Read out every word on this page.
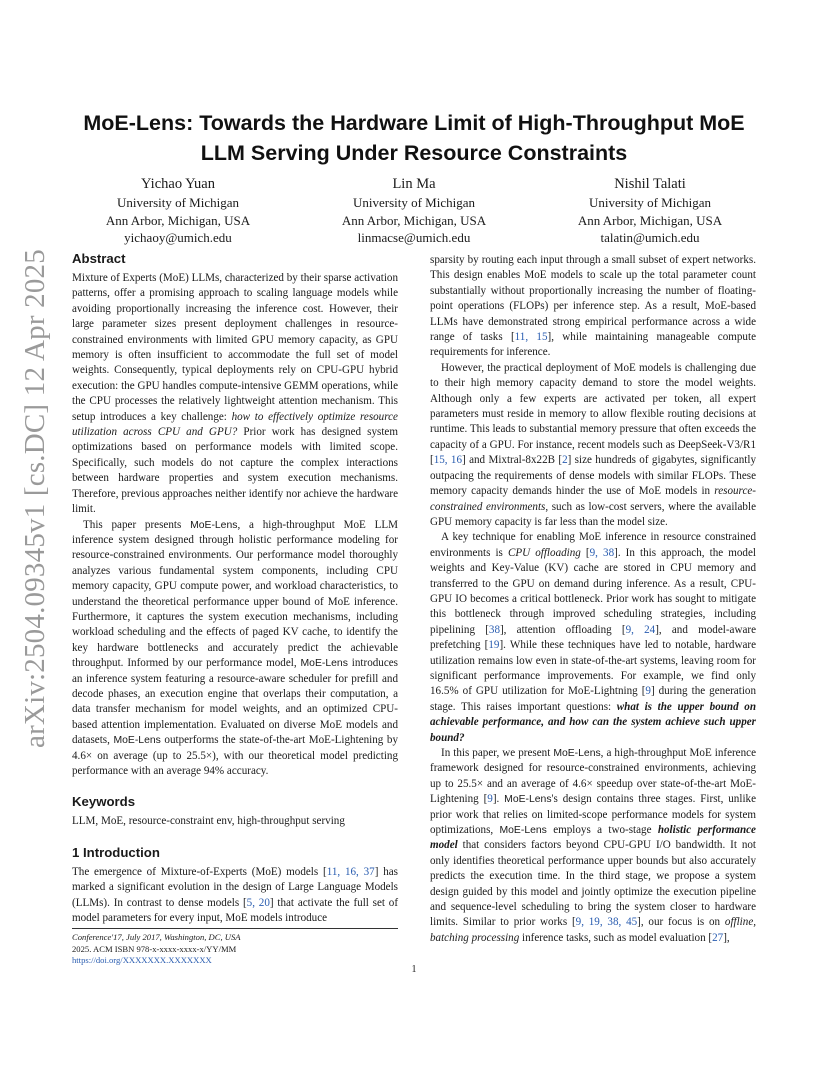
arXiv:2504.09345v1 [cs.DC] 12 Apr 2025
MoE-Lens: Towards the Hardware Limit of High-Throughput MoE LLM Serving Under Resource Constraints
Yichao Yuan
University of Michigan
Ann Arbor, Michigan, USA
yichaoy@umich.edu
Lin Ma
University of Michigan
Ann Arbor, Michigan, USA
linmacse@umich.edu
Nishil Talati
University of Michigan
Ann Arbor, Michigan, USA
talatin@umich.edu
Abstract

Mixture of Experts (MoE) LLMs, characterized by their sparse activation patterns, offer a promising approach to scaling language models while avoiding proportionally increasing the inference cost. However, their large parameter sizes present deployment challenges in resource-constrained environments with limited GPU memory capacity, as GPU memory is often insufficient to accommodate the full set of model weights. Consequently, typical deployments rely on CPU-GPU hybrid execution: the GPU handles compute-intensive GEMM operations, while the CPU processes the relatively lightweight attention mechanism. This setup introduces a key challenge: how to effectively optimize resource utilization across CPU and GPU? Prior work has designed system optimizations based on performance models with limited scope. Specifically, such models do not capture the complex interactions between hardware properties and system execution mechanisms. Therefore, previous approaches neither identify nor achieve the hardware limit.

This paper presents MoE-Lens, a high-throughput MoE LLM inference system designed through holistic performance modeling for resource-constrained environments. Our performance model thoroughly analyzes various fundamental system components, including CPU memory capacity, GPU compute power, and workload characteristics, to understand the theoretical performance upper bound of MoE inference. Furthermore, it captures the system execution mechanisms, including workload scheduling and the effects of paged KV cache, to identify the key hardware bottlenecks and accurately predict the achievable throughput. Informed by our performance model, MoE-Lens introduces an inference system featuring a resource-aware scheduler for prefill and decode phases, an execution engine that overlaps their computation, a data transfer mechanism for model weights, and an optimized CPU-based attention implementation. Evaluated on diverse MoE models and datasets, MoE-Lens outperforms the state-of-the-art MoE-Lightening by 4.6× on average (up to 25.5×), with our theoretical model predicting performance with an average 94% accuracy.

Keywords

LLM, MoE, resource-constraint env, high-throughput serving

1 Introduction

The emergence of Mixture-of-Experts (MoE) models [11, 16, 37] has marked a significant evolution in the design of Large Language Models (LLMs). In contrast to dense models [5, 20] that activate the full set of model parameters for every input, MoE models introduce

sparsity by routing each input through a small subset of expert networks. This design enables MoE models to scale up the total parameter count substantially without proportionally increasing the number of floating-point operations (FLOPs) per inference step. As a result, MoE-based LLMs have demonstrated strong empirical performance across a wide range of tasks [11, 15], while maintaining manageable compute requirements for inference.

However, the practical deployment of MoE models is challenging due to their high memory capacity demand to store the model weights. Although only a few experts are activated per token, all expert parameters must reside in memory to allow flexible routing decisions at runtime. This leads to substantial memory pressure that often exceeds the capacity of a GPU. For instance, recent models such as DeepSeek-V3/R1 [15, 16] and Mixtral-8x22B [2] size hundreds of gigabytes, significantly outpacing the requirements of dense models with similar FLOPs. These memory capacity demands hinder the use of MoE models in resource-constrained environments, such as low-cost servers, where the available GPU memory capacity is far less than the model size.

A key technique for enabling MoE inference in resource constrained environments is CPU offloading [9, 38]. In this approach, the model weights and Key-Value (KV) cache are stored in CPU memory and transferred to the GPU on demand during inference. As a result, CPU-GPU IO becomes a critical bottleneck. Prior work has sought to mitigate this bottleneck through improved scheduling strategies, including pipelining [38], attention offloading [9, 24], and model-aware prefetching [19]. While these techniques have led to notable, hardware utilization remains low even in state-of-the-art systems, leaving room for significant performance improvements. For example, we find only 16.5% of GPU utilization for MoE-Lightning [9] during the generation stage. This raises important questions: what is the upper bound on achievable performance, and how can the system achieve such upper bound?

In this paper, we present MoE-Lens, a high-throughput MoE inference framework designed for resource-constrained environments, achieving up to 25.5× and an average of 4.6× speedup over state-of-the-art MoE-Lightening [9]. MoE-Lens's design contains three stages. First, unlike prior work that relies on limited-scope performance models for system optimizations, MoE-Lens employs a two-stage holistic performance model that considers factors beyond CPU-GPU I/O bandwidth. It not only identifies theoretical performance upper bounds but also accurately predicts the execution time. In the third stage, we propose a system design guided by this model and jointly optimize the execution pipeline and sequence-level scheduling to bring the system closer to hardware limits. Similar to prior works [9, 19, 38, 45], our focus is on offline, batching processing inference tasks, such as model evaluation [27],

Conference'17, July 2017, Washington, DC, USA
2025. ACM ISBN 978-x-xxxx-xxxx-x/YY/MM
https://doi.org/XXXXXXX.XXXXXXX
1
